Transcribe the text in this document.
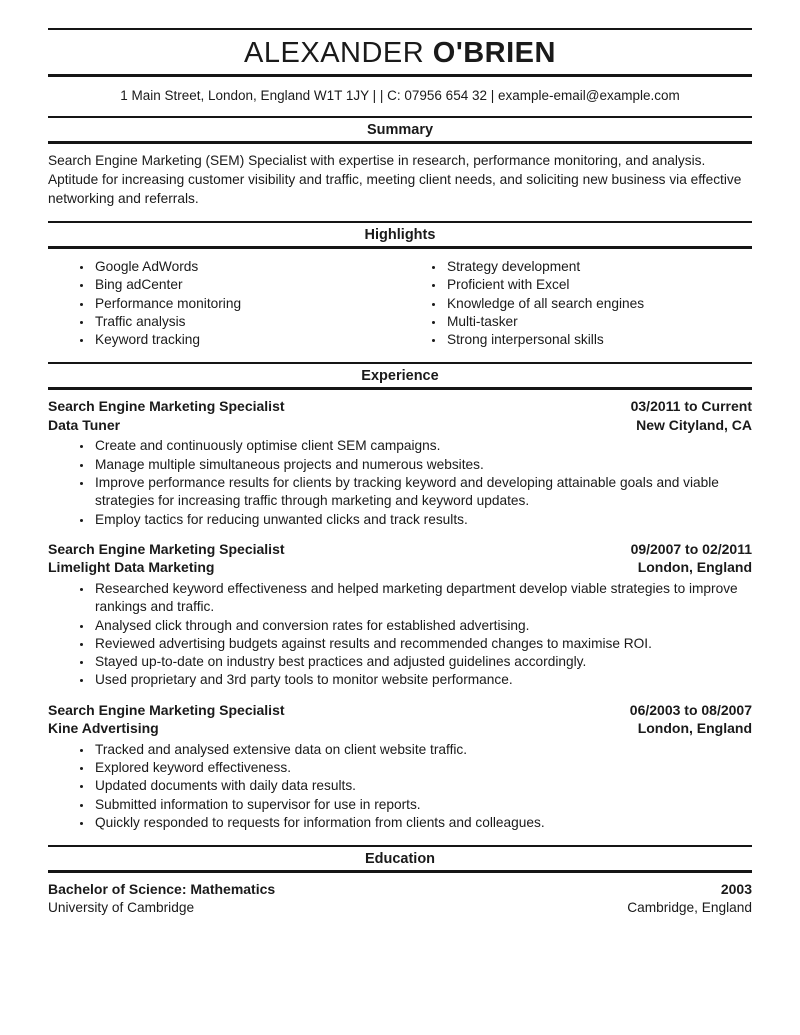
ALEXANDER O'BRIEN
1 Main Street, London, England W1T 1JY | | C: 07956 654 32 | example-email@example.com
Summary
Search Engine Marketing (SEM) Specialist with expertise in research, performance monitoring, and analysis. Aptitude for increasing customer visibility and traffic, meeting client needs, and soliciting new business via effective networking and referrals.
Highlights
• Google AdWords
• Bing adCenter
• Performance monitoring
• Traffic analysis
• Keyword tracking
• Strategy development
• Proficient with Excel
• Knowledge of all search engines
• Multi-tasker
• Strong interpersonal skills
Experience
Search Engine Marketing Specialist	03/2011 to Current
Data Tuner	New Cityland, CA
• Create and continuously optimise client SEM campaigns.
• Manage multiple simultaneous projects and numerous websites.
• Improve performance results for clients by tracking keyword and developing attainable goals and viable strategies for increasing traffic through marketing and keyword updates.
• Employ tactics for reducing unwanted clicks and track results.
Search Engine Marketing Specialist	09/2007 to 02/2011
Limelight Data Marketing	London, England
• Researched keyword effectiveness and helped marketing department develop viable strategies to improve rankings and traffic.
• Analysed click through and conversion rates for established advertising.
• Reviewed advertising budgets against results and recommended changes to maximise ROI.
• Stayed up-to-date on industry best practices and adjusted guidelines accordingly.
• Used proprietary and 3rd party tools to monitor website performance.
Search Engine Marketing Specialist	06/2003 to 08/2007
Kine Advertising	London, England
• Tracked and analysed extensive data on client website traffic.
• Explored keyword effectiveness.
• Updated documents with daily data results.
• Submitted information to supervisor for use in reports.
• Quickly responded to requests for information from clients and colleagues.
Education
Bachelor of Science: Mathematics	2003
University of Cambridge	Cambridge, England
